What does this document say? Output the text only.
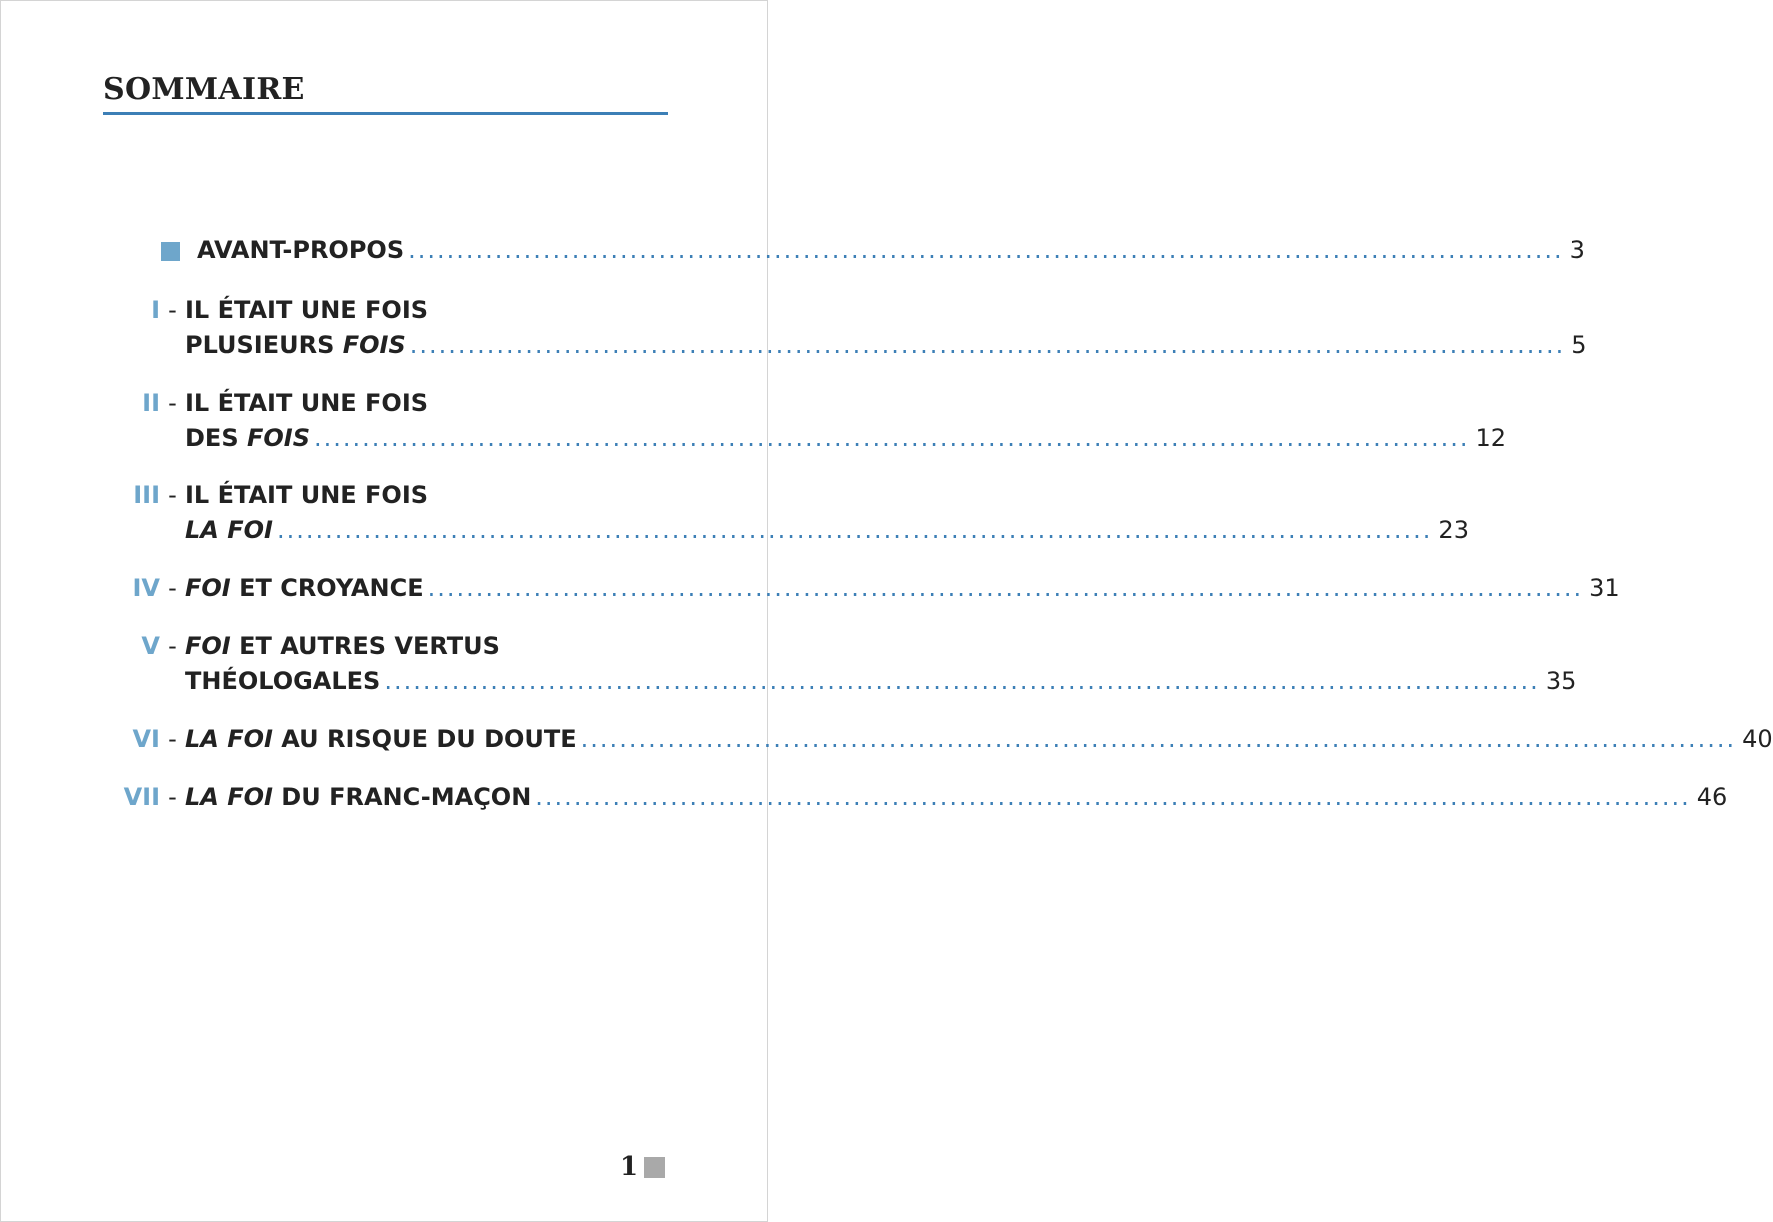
SOMMAIRE
AVANT-PROPOS ........................................................................................................................ 3
I - IL ÉTAIT UNE FOIS
PLUSIEURS FOIS ........................................................................................................................ 5
II - IL ÉTAIT UNE FOIS
DES FOIS ........................................................................................................................ 12
III - IL ÉTAIT UNE FOIS
LA FOI ........................................................................................................................ 23
IV - FOI ET CROYANCE ........................................................................................................................ 31
V - FOI ET AUTRES VERTUS
THÉOLOGALES ........................................................................................................................ 35
VI - LA FOI AU RISQUE DU DOUTE ........................................................................................................................ 40
VII - LA FOI DU FRANC-MAÇON ........................................................................................................................ 46
1
